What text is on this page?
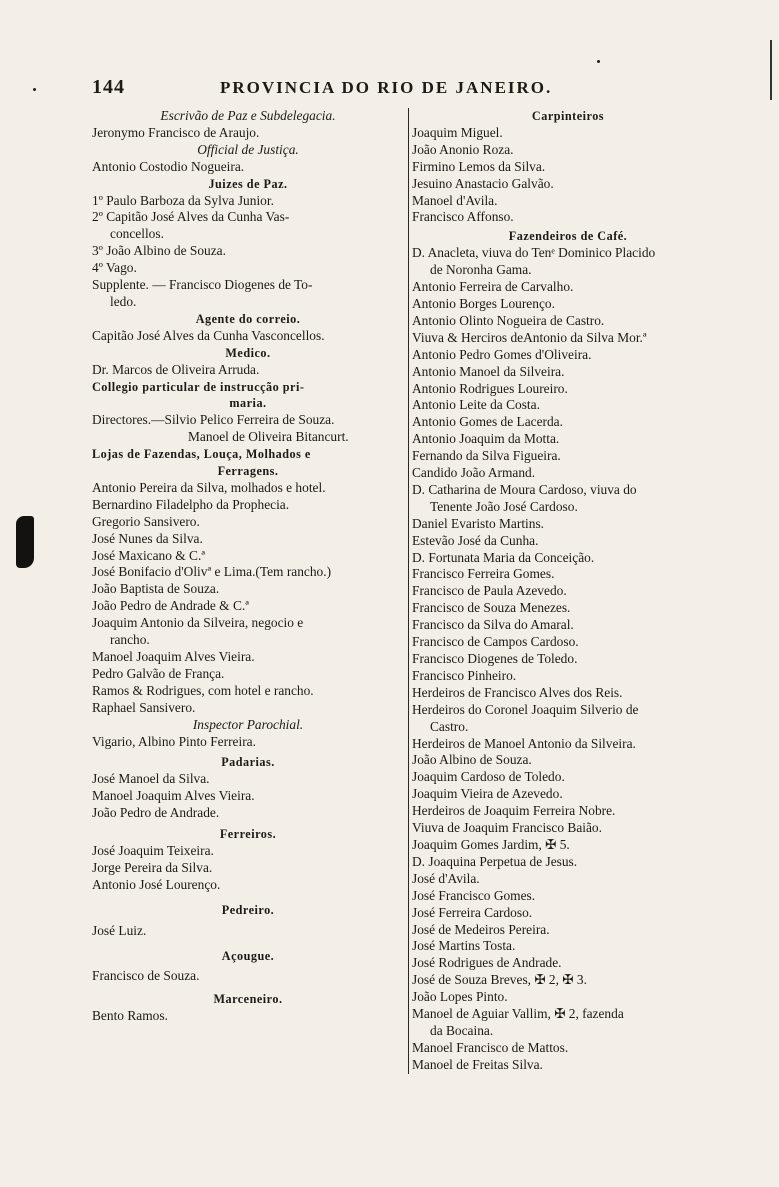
144	PROVINCIA DO RIO DE JANEIRO.

Escrivão de Paz e Subdelegacia.

Jeronymo Francisco de Araujo.

Official de Justiça.

Antonio Costodio Nogueira.

Juizes de Paz.

1º Paulo Barboza da Sylva Junior.

2º Capitão José Alves da Cunha Vas-

concellos.

3º João Albino de Souza.

4º Vago.

Supplente. — Francisco Diogenes de To-

ledo.

Agente do correio.

Capitão José Alves da Cunha Vasconcellos.

Medico.

Dr. Marcos de Oliveira Arruda.

Collegio particular de instrucção pri-

maria.

Directores.—Silvio Pelico Ferreira de Souza.

Manoel de Oliveira Bitancurt.

Lojas de Fazendas, Louça, Molhados e

Ferragens.

Antonio Pereira da Silva, molhados e hotel.

Bernardino Filadelpho da Prophecia.

Gregorio Sansivero.

José Nunes da Silva.

José Maxicano & C.ª

José Bonifacio d'Olivª e Lima.(Tem rancho.)

João Baptista de Souza.

João Pedro de Andrade & C.ª

Joaquim Antonio da Silveira, negocio e

rancho.

Manoel Joaquim Alves Vieira.

Pedro Galvão de França.

Ramos & Rodrigues, com hotel e rancho.

Raphael Sansivero.

Inspector Parochial.

Vigario, Albino Pinto Ferreira.

Padarias.

José Manoel da Silva.

Manoel Joaquim Alves Vieira.

João Pedro de Andrade.

Ferreiros.

José Joaquim Teixeira.

Jorge Pereira da Silva.

Antonio José Lourenço.

Pedreiro.

José Luiz.

Açougue.

Francisco de Souza.

Marceneiro.

Bento Ramos.

Carpinteiros

Joaquim Miguel.

João Anonio Roza.

Firmino Lemos da Silva.

Jesuino Anastacio Galvão.

Manoel d'Avila.

Francisco Affonso.

Fazendeiros de Café.

D. Anacleta, viuva do Tenᵉ Dominico Placido

de Noronha Gama.

Antonio Ferreira de Carvalho.

Antonio Borges Lourenço.

Antonio Olinto Nogueira de Castro.

Viuva & Herciros deAntonio da Silva Mor.ª

Antonio Pedro Gomes d'Oliveira.

Antonio Manoel da Silveira.

Antonio Rodrigues Loureiro.

Antonio Leite da Costa.

Antonio Gomes de Lacerda.

Antonio Joaquim da Motta.

Fernando da Silva Figueira.

Candido João Armand.

D. Catharina de Moura Cardoso, viuva do

Tenente João José Cardoso.

Daniel Evaristo Martins.

Estevão José da Cunha.

D. Fortunata Maria da Conceição.

Francisco Ferreira Gomes.

Francisco de Paula Azevedo.

Francisco de Souza Menezes.

Francisco da Silva do Amaral.

Francisco de Campos Cardoso.

Francisco Diogenes de Toledo.

Francisco Pinheiro.

Herdeiros de Francisco Alves dos Reis.

Herdeiros do Coronel Joaquim Silverio de

Castro.

Herdeiros de Manoel Antonio da Silveira.

João Albino de Souza.

Joaquim Cardoso de Toledo.

Joaquim Vieira de Azevedo.

Herdeiros de Joaquim Ferreira Nobre.

Viuva de Joaquim Francisco Baião.

Joaquim Gomes Jardim, ✠ 5.

D. Joaquina Perpetua de Jesus.

José d'Avila.

José Francisco Gomes.

José Ferreira Cardoso.

José de Medeiros Pereira.

José Martins Tosta.

José Rodrigues de Andrade.

José de Souza Breves, ✠ 2, ✠ 3.

João Lopes Pinto.

Manoel de Aguiar Vallim, ✠ 2, fazenda

da Bocaina.

Manoel Francisco de Mattos.

Manoel de Freitas Silva.
